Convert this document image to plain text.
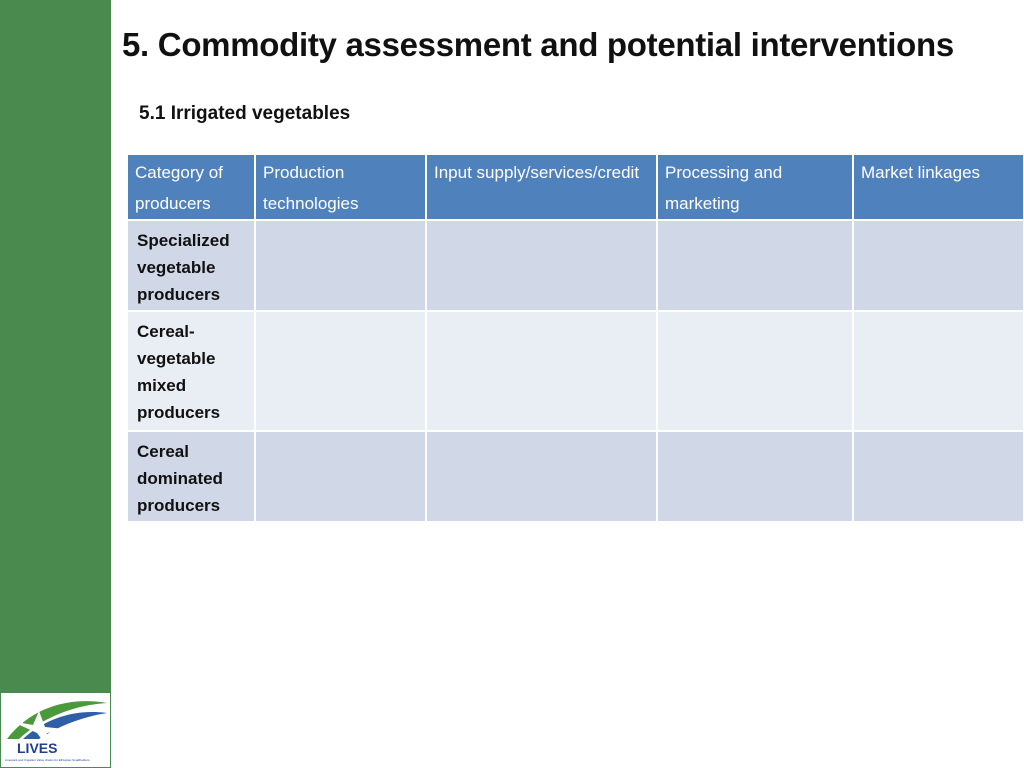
LIVES
Livestock and Irrigation Value chains for Ethiopian Smallholders
5. Commodity assessment and potential interventions
5.1 Irrigated vegetables
Category of producers	Production technologies	Input supply/services/credit	Processing and marketing	Market linkages
Specialized vegetable producers				
Cereal-vegetable mixed producers				
Cereal dominated producers				
